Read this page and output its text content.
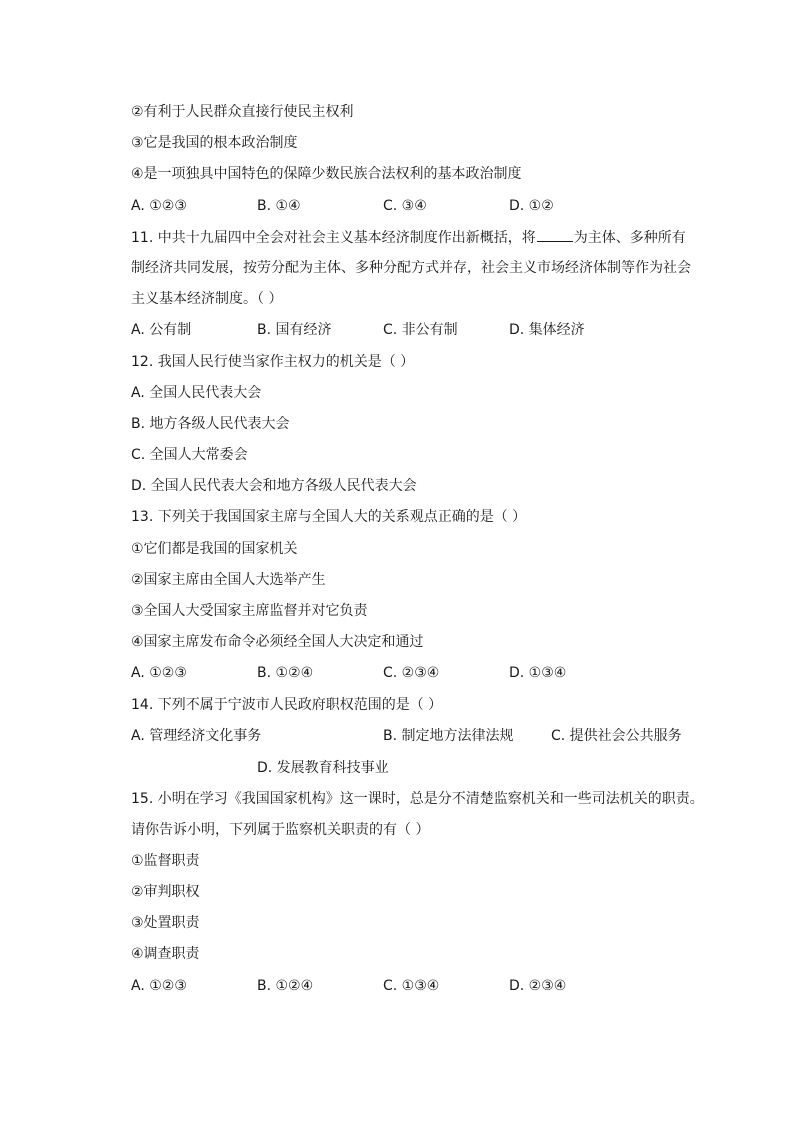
②有利于人民群众直接行使民主权利
③它是我国的根本政治制度
④是一项独具中国特色的保障少数民族合法权利的基本政治制度
A. ①②③	B. ①④	C. ③④	D. ①②
11. 中共十九届四中全会对社会主义基本经济制度作出新概括，将	为主体、多种所有
制经济共同发展，按劳分配为主体、多种分配方式并存，社会主义市场经济体制等作为社会
主义基本经济制度。（ ）
A. 公有制	B. 国有经济	C. 非公有制	D. 集体经济
12. 我国人民行使当家作主权力的机关是（ ）
A. 全国人民代表大会
B. 地方各级人民代表大会
C. 全国人大常委会
D. 全国人民代表大会和地方各级人民代表大会
13. 下列关于我国国家主席与全国人大的关系观点正确的是（ ）
①它们都是我国的国家机关
②国家主席由全国人大选举产生
③全国人大受国家主席监督并对它负责
④国家主席发布命令必须经全国人大决定和通过
A. ①②③	B. ①②④	C. ②③④	D. ①③④
14. 下列不属于宁波市人民政府职权范围的是（ ）
A. 管理经济文化事务	B. 制定地方法律法规	C. 提供社会公共服务
D. 发展教育科技事业
15. 小明在学习《我国国家机构》这一课时，总是分不清楚监察机关和一些司法机关的职责。
请你告诉小明，下列属于监察机关职责的有（ ）
①监督职责
②审判职权
③处置职责
④调查职责
A. ①②③	B. ①②④	C. ①③④	D. ②③④
